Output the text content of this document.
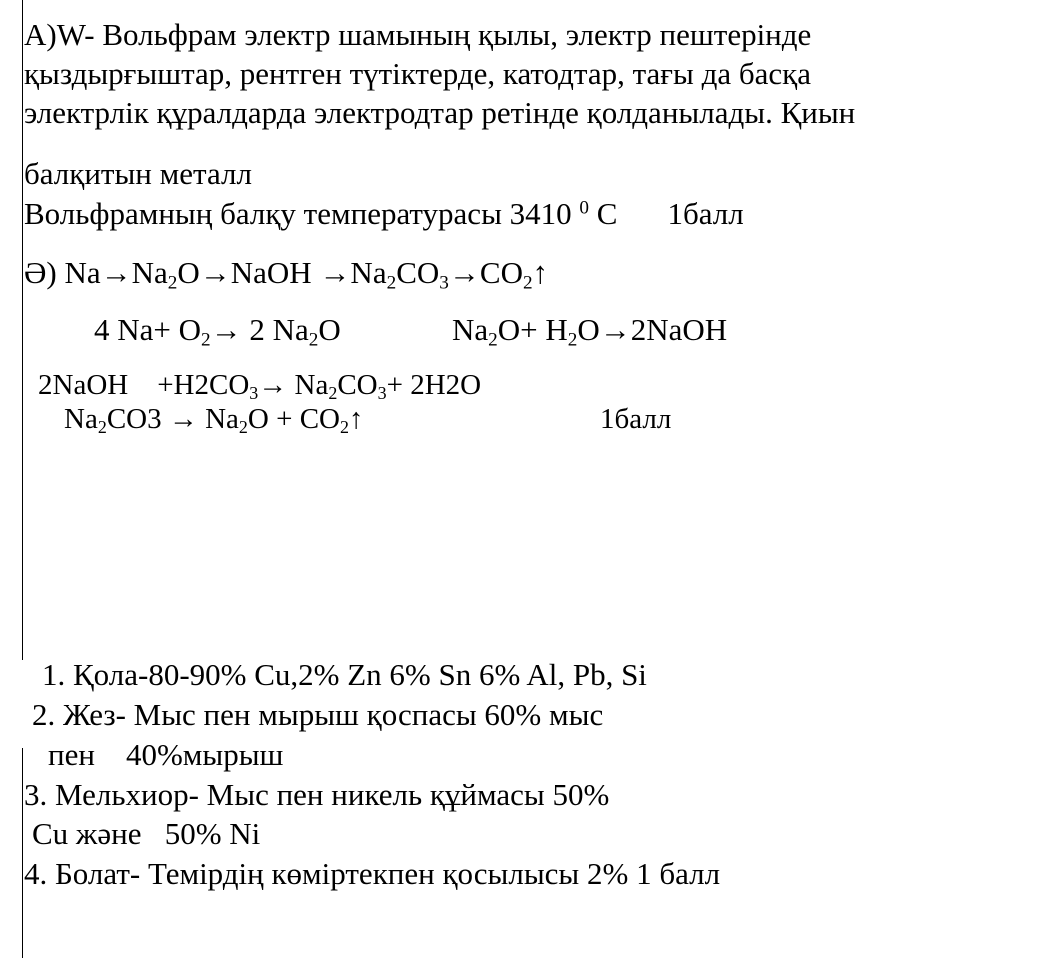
А)W- Вольфрам электр шамының қылы, электр пештерінде
қыздырғыштар, рентген түтіктерде, катодтар, тағы да басқа
электрлік құралдарда электродтар ретінде қолданылады. Қиын
балқитын металл
Вольфрамның балқу температурасы 3410 $^0$ С 1балл
Ә) $Na\to Na_2O\to NaOH$ $\to Na_2CO_3\to CO_2↑$
4 $Na+ O_2\to 2$ $Na_2O$	$Na_2O+$ $H_2O\to 2NaOH$
2NaOH    $+H2CO_3\to Na_2CO_3+ 2H2O$
$Na_2CO3 \to Na_2O$ + $CO_2↑$	1балл
1. Қола-80-90% Cu,2% Zn 6% Sn 6% Al, Pb, Si
2. Жез- Мыс пен мырыш қоспасы 60% мыс
пен    40%мырыш
3. Мельхиор- Мыс пен никель құймасы 50%
Cu және   50% Ni
4. Болат- Темірдің көміртекпен қосылысы 2% 1 балл
